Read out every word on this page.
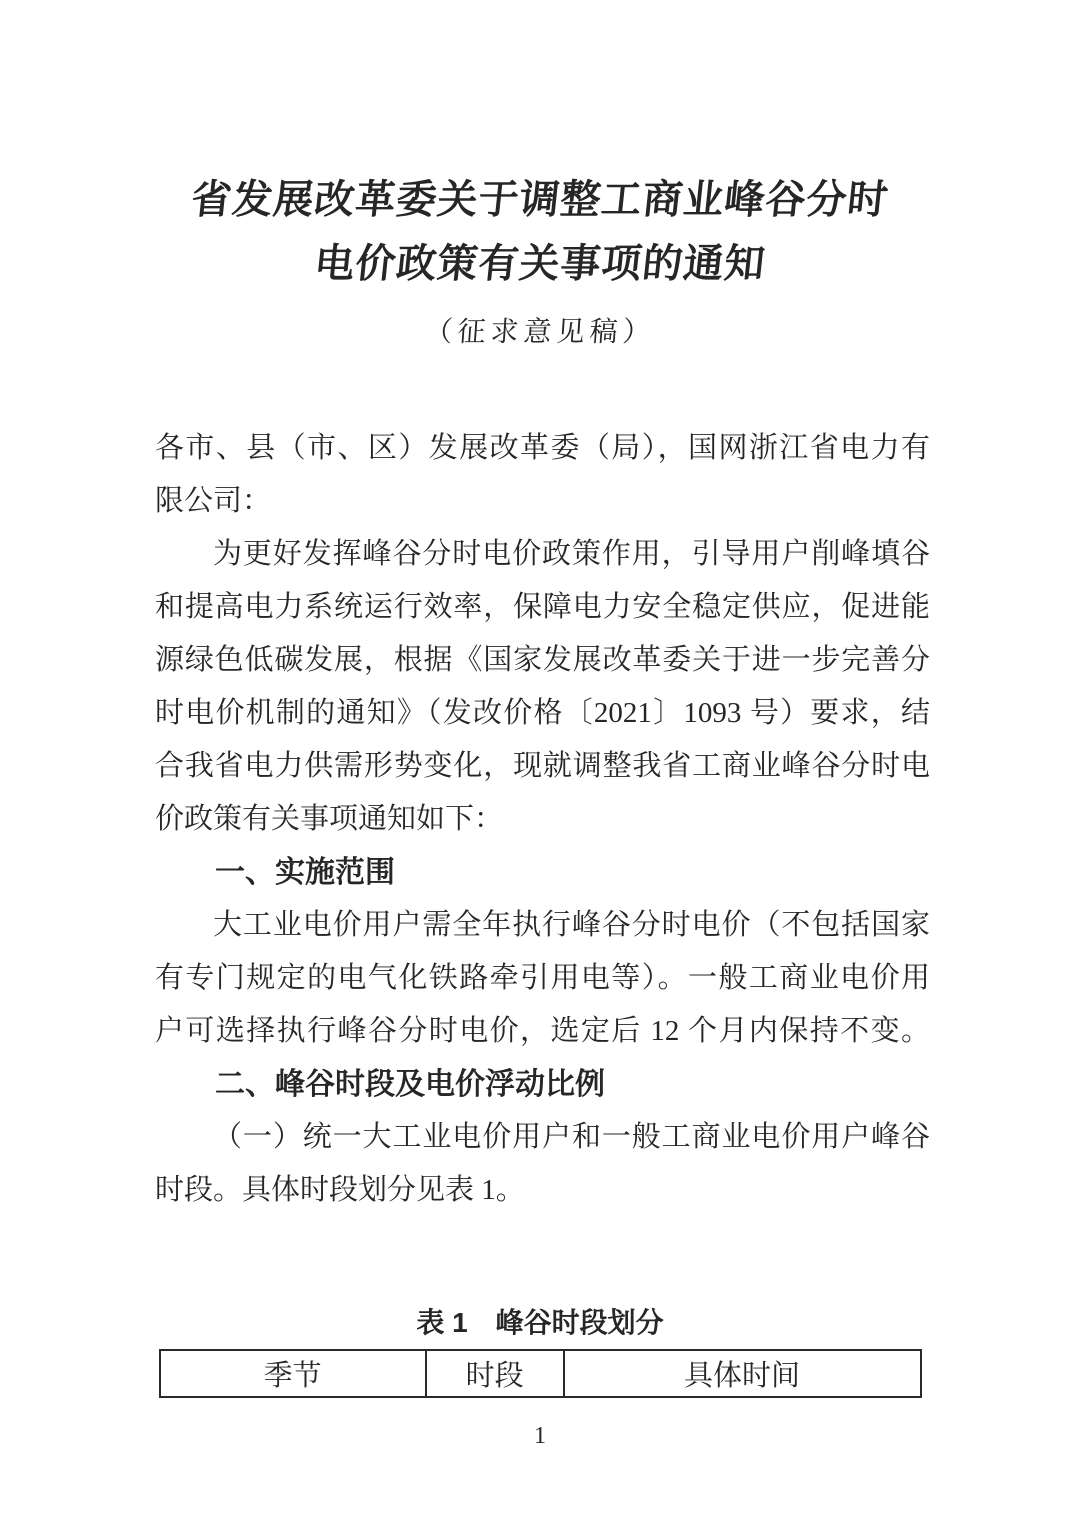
省发展改革委关于调整工商业峰谷分时
电价政策有关事项的通知
（征求意见稿）
各市、县（市、区）发展改革委（局），国网浙江省电力有
限公司：
为更好发挥峰谷分时电价政策作用，引导用户削峰填谷
和提高电力系统运行效率，保障电力安全稳定供应，促进能
源绿色低碳发展，根据《国家发展改革委关于进一步完善分
时电价机制的通知》（发改价格〔2021〕1093 号）要求，结
合我省电力供需形势变化，现就调整我省工商业峰谷分时电
价政策有关事项通知如下：
一、实施范围
大工业电价用户需全年执行峰谷分时电价（不包括国家
有专门规定的电气化铁路牵引用电等）。一般工商业电价用
户可选择执行峰谷分时电价，选定后 12 个月内保持不变。
二、峰谷时段及电价浮动比例
（一）统一大工业电价用户和一般工商业电价用户峰谷
时段。具体时段划分见表 1。
表 1　峰谷时段划分
季节	时段	具体时间
1
